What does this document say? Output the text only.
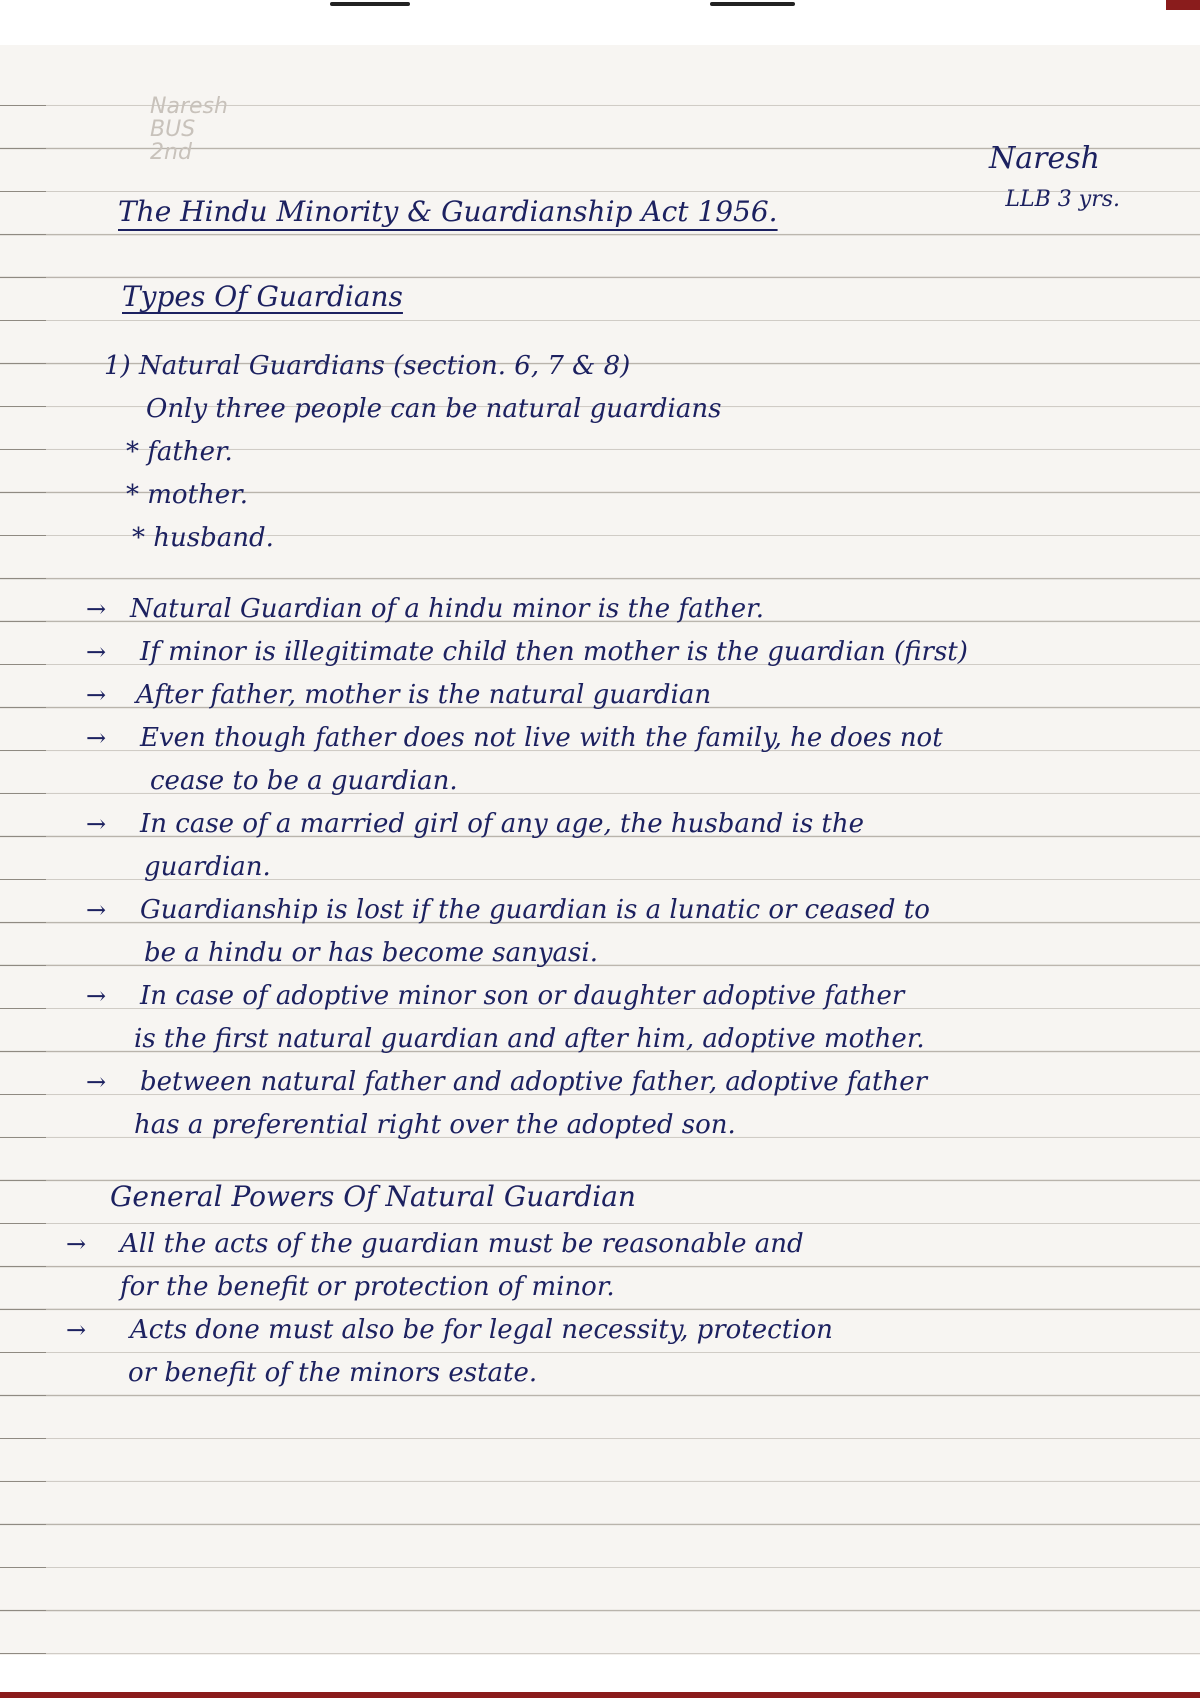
Naresh
BUS
2nd	Naresh
LLB 3 yrs.
The Hindu Minority & Guardianship Act 1956.
Types Of Guardians
1) Natural Guardians (section. 6, 7 & 8)
Only three people can be natural guardians
* father.
* mother.
* husband.
→ Natural Guardian of a hindu minor is the father.
→ If minor is illegitimate child then mother is the guardian (first)
→ After father, mother is the natural guardian
→ Even though father does not live with the family, he does not
cease to be a guardian.
→ In case of a married girl of any age, the husband is the
guardian.
→ Guardianship is lost if the guardian is a lunatic or ceased to
be a hindu or has become sanyasi.
→ In case of adoptive minor son or daughter adoptive father
is the first natural guardian and after him, adoptive mother.
→ between natural father and adoptive father, adoptive father
has a preferential right over the adopted son.
General Powers Of Natural Guardian
→ All the acts of the guardian must be reasonable and
for the benefit or protection of minor.
→ Acts done must also be for legal necessity, protection
or benefit of the minors estate.
